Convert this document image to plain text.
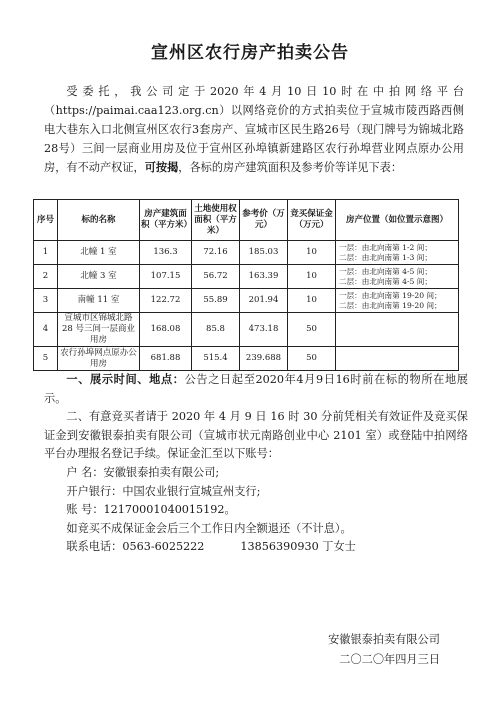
宣州区农行房产拍卖公告

受委托，我公司定于2020年4月10日10时在中拍网络平台（https://paimai.caa123.org.cn）以网络竞价的方式拍卖位于宣城市陵西路西侧电大巷东入口北侧宣州区农行3套房产、宣城市区民生路26号（现门牌号为锦城北路28号）三间一层商业用房及位于宣州区孙埠镇新建路区农行孙埠营业网点原办公用房，有不动产权证，可按揭，各标的房产建筑面积及参考价等详见下表：

序号	标的名称	房产建筑面积（平方米）	土地使用权面积（平方米）	参考价（万元）	竞买保证金（万元）	房产位置（如位置示意图）
1	北幢 1 室	136.3	72.16	185.03	10	一层：由北向南第 1-2 间；
二层：由北向南第 1-3 间；

2	北幢 3 室	107.15	56.72	163.39	10	一层：由北向南第 4-5 间；
二层：由北向南第 4-5 间；

3	南幢 11 室	122.72	55.89	201.94	10	一层：由北向南第 19-20 间；
二层：由北向南第 19-20 间；

4	宣城市区锦城北路 28 号三间一层商业用房	168.08	85.8	473.18	50	
5	农行孙埠网点原办公用房	681.88	515.4	239.688	50	

一、展示时间、地点：公告之日起至2020年4月9日16时前在标的物所在地展示。

二、有意竞买者请于 2020 年 4 月 9 日 16 时 30 分前凭相关有效证件及竞买保证金到安徽银泰拍卖有限公司（宣城市状元南路创业中心 2101 室）或登陆中拍网络平台办理报名登记手续。保证金汇至以下账号：

户 名：安徽银泰拍卖有限公司;

开户银行：中国农业银行宣城宣州支行;

账 号：12170001040015192。

如竞买不成保证金会后三个工作日内全额退还（不计息）。

联系电话：0563-6025222	13856390930 丁女士

安徽银泰拍卖有限公司
二〇二〇年四月三日
